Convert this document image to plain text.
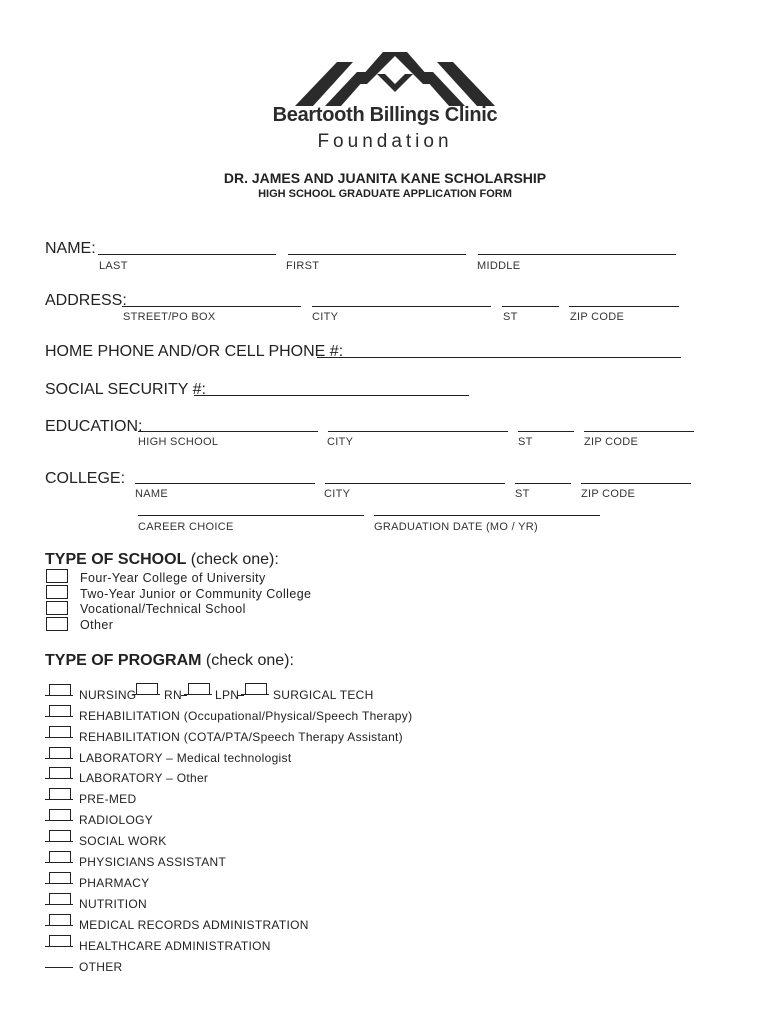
Beartooth Billings Clinic
Foundation
DR. JAMES AND JUANITA KANE SCHOLARSHIP
HIGH SCHOOL GRADUATE APPLICATION FORM
NAME:
LAST	FIRST	MIDDLE
ADDRESS:
STREET/PO BOX	CITY	ST	ZIP CODE
HOME PHONE AND/OR CELL PHONE #:
SOCIAL SECURITY #:
EDUCATION:
HIGH SCHOOL	CITY	ST	ZIP CODE
COLLEGE:
NAME	CITY	ST	ZIP CODE
CAREER CHOICE	GRADUATION DATE (MO / YR)
TYPE OF SCHOOL (check one):
Four-Year College of University
Two-Year Junior or Community College
Vocational/Technical School
Other
TYPE OF PROGRAM (check one):
NURSING RN	LPN	SURGICAL TECH
REHABILITATION (Occupational/Physical/Speech Therapy)
REHABILITATION (COTA/PTA/Speech Therapy Assistant)
LABORATORY – Medical technologist
LABORATORY – Other
PRE-MED
RADIOLOGY
SOCIAL WORK
PHYSICIANS ASSISTANT
PHARMACY
NUTRITION
MEDICAL RECORDS ADMINISTRATION
HEALTHCARE ADMINISTRATION
OTHER
